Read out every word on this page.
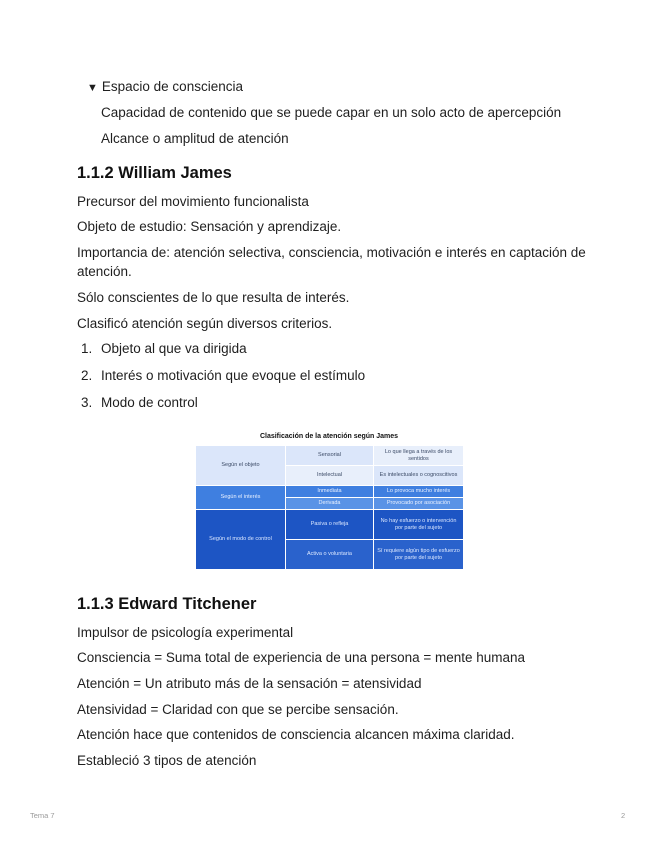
▼ Espacio de consciencia
Capacidad de contenido que se puede capar en un solo acto de apercepción
Alcance o amplitud de atención
1.1.2 William James
Precursor del movimiento funcionalista
Objeto de estudio: Sensación y aprendizaje.
Importancia de: atención selectiva, consciencia, motivación e interés en captación de atención.
Sólo conscientes de lo que resulta de interés.
Clasificó atención según diversos criterios.
1. Objeto al que va dirigida
2. Interés o motivación que evoque el estímulo
3. Modo de control
Clasificación de la atención según James
Según el objeto	Sensorial	Lo que llega a través de los sentidos
	Intelectual	Es intelectuales o cognoscitivos
Según el interés	Inmediata	Lo provoca mucho interés
	Derivada	Provocado por asociación
Según el modo de control	Pasiva o refleja	No hay esfuerzo o intervención por parte del sujeto
	Activa o voluntaria	Sí requiere algún tipo de esfuerzo por parte del sujeto
1.1.3 Edward Titchener
Impulsor de psicología experimental
Consciencia = Suma total de experiencia de una persona = mente humana
Atención = Un atributo más de la sensación = atensividad
Atensividad = Claridad con que se percibe sensación.
Atención hace que contenidos de consciencia alcancen máxima claridad.
Estableció 3 tipos de atención
Tema 7	2
